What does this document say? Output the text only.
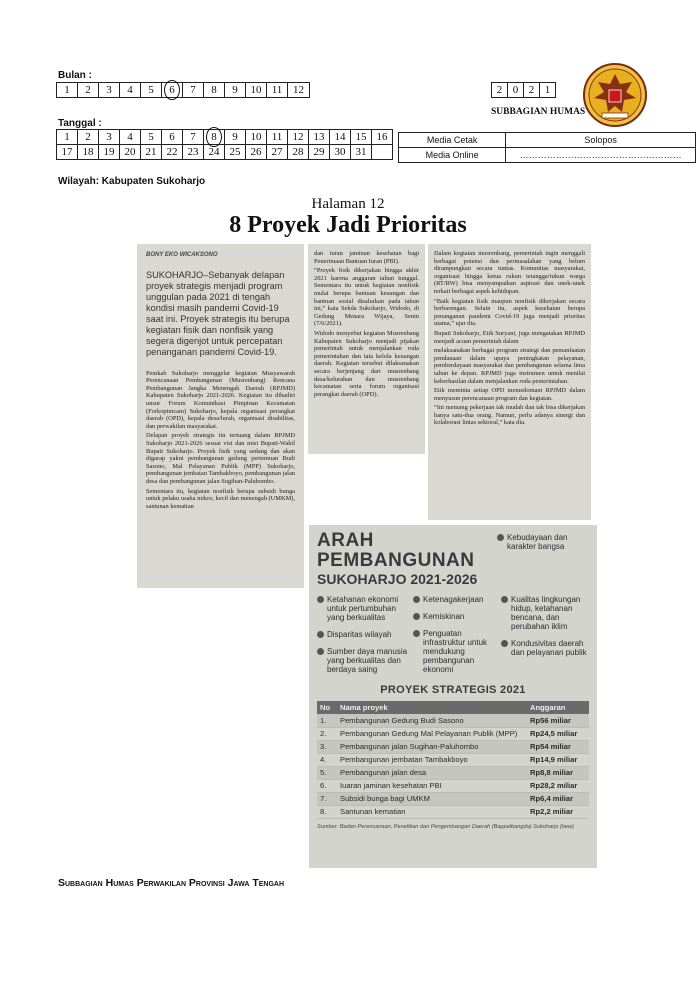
Bulan :
1	2	3	4	5	6	7	8	9	10	11	12
Tanggal :
1	2	3	4	5	6	7	8	9	10	11	12	13	14	15	16
17	18	19	20	21	22	23	24	25	26	27	28	29	30	31	
2	0	2	1
SUBBAGIAN HUMAS
Media Cetak	Solopos
Media Online	………………………………………………
Wilayah: Kabupaten Sukoharjo
Halaman 12
8 Proyek Jadi Prioritas
BONY EKO WICAKSONO
SUKOHARJO–Sebanyak delapan proyek strategis menjadi program unggulan pada 2021 di tengah kondisi masih pandemi Covid-19 saat ini. Proyek strategis itu berupa kegiatan fisik dan nonfisik yang segera digenjot untuk percepatan penanganan pandemi Covid-19.

Pemkab Sukoharjo menggelar kegiatan Musyawarah Perencanaan Pembangunan (Musrenbang) Rencana Pembangunan Jangka Menengah Daerah (RPJMD) Kabupaten Sukoharjo 2021-2026. Kegiatan itu dihadiri unsur Forum Komunikasi Pimpinan Kecamatan (Forkopimcam) Sukoharjo, kepala organisasi perangkat daerah (OPD), kepala desa/lurah, organisasi disabilitas, dan perwakilan masyarakat.

Delapan proyek strategis itu tertuang dalam RPJMD Sukoharjo 2021-2026 sesuai visi dan misi Bupati-Wakil Bupati Sukoharjo. Proyek fisik yang sedang dan akan digarap yakni pembangunan gedung pertemuan Budi Sasono, Mal Pelayanan Publik (MPP) Sukoharjo, pembangunan jembatan Tambakboyo, pembangunan jalan desa dan pembangunan jalan Sugihan-Paluhombo.

Sementara itu, kegiatan nonfisik berupa subsidi bunga untuk pelaku usaha mikro, kecil dan menengah (UMKM), santunan kematian

dan iuran jaminan kesehatan bagi Penerimaan Bantuan Iuran (PBI).

“Proyek fisik dikerjakan hingga akhir 2021 karena anggaran tahun tunggal. Sementara itu untuk kegiatan nonfisik mulai berupa bantuan keuangan dan bantuan sosial disalurkan pada tahun ini,” kata Sekda Sukoharjo, Widodo, di Gedung Menara Wijaya, Senin (7/6/2021).

Widodo menyebut kegiatan Musrenbang Kabupaten Sukoharjo menjadi pijakan pemerintah untuk menjalankan roda pemerintahan dan tata kelola keuangan daerah. Kegiatan tersebut dilaksanakan secara berjenjang dari musrenbang desa/kelurahan dan musrenbang kecamatan serta forum organisasi perangkat daerah (OPD).

Dalam kegiatan musrenbang, pemerintah ingin menggali berbagai potensi dan permasalahan yang belum dirampungkan secara tuntas. Komunitas masyarakat, organisasi hingga ketua rukun tetangga/rukun warga (RT/RW) bisa menyampaikan aspirasi dan unek-unek terkait berbagai aspek kehidupan.

“Baik kegiatan fisik maupun nonfisik dikerjakan secara berbarengan. Selain itu, aspek kesehatan berupa penanganan pandemi Covid-19 juga menjadi prioritas utama,” ujar dia.

Bupati Sukoharjo, Etik Suryani, juga mengatakan RPJMD menjadi acuan pemerintah dalam

melaksanakan berbagai program strategi dan pemanfaatan pendanaan dalam upaya peningkatan pelayanan, pemberdayaan masyarakat dan pembangunan selama lima tahun ke depan. RPJMD juga instrumen untuk menilai keberhasilan dalam menjalankan roda pemerintahan.

Etik meminta setiap OPD memedomani RPJMD dalam menyusun perencanaan program dan kegiatan.

“Ini memang pekerjaan tak mudah dan tak bisa dikerjakan hanya satu-dua orang. Namun, perlu adanya sinergi dan kolaborasi lintas sektoral,” kata dia.

ARAH PEMBANGUNAN
SUKOHARJO 2021-2026
Kebudayaan dan karakter bangsa
Ketahanan ekonomi untuk pertumbuhan yang berkualitas
Disparitas wilayah
Sumber daya manusia yang berkualitas dan berdaya saing
Ketenagakerjaan
Kemiskinan
Penguatan infrastruktur untuk mendukung pembangunan ekonomi
Kualitas lingkungan hidup, ketahanan bencana, dan perubahan iklim
Kondusivitas daerah dan pelayanan publik
PROYEK STRATEGIS 2021
No	Nama proyek	Anggaran
1.	Pembangunan Gedung Budi Sasono	Rp56 miliar
2.	Pembangunan Gedung Mal Pelayanan Publik (MPP)	Rp24,5 miliar
3.	Pembangunan jalan Sugihan-Paluhombo	Rp54 miliar
4.	Pembangunan jembatan Tambakboyo	Rp14,9 miliar
5.	Pembangunan jalan desa	Rp8,8 miliar
6.	Iuaran jaminan kesehatan PBI	Rp28,2 miliar
7.	Subsidi bunga bagi UMKM	Rp6,4 miliar
8.	Santunan kematian	Rp2,2 miliar
Sumber: Badan Perencanaan, Penelitian dan Pengembangan Daerah (Bappelbangda) Sukoharjo (bew)
Subbagian Humas Perwakilan Provinsi Jawa Tengah
